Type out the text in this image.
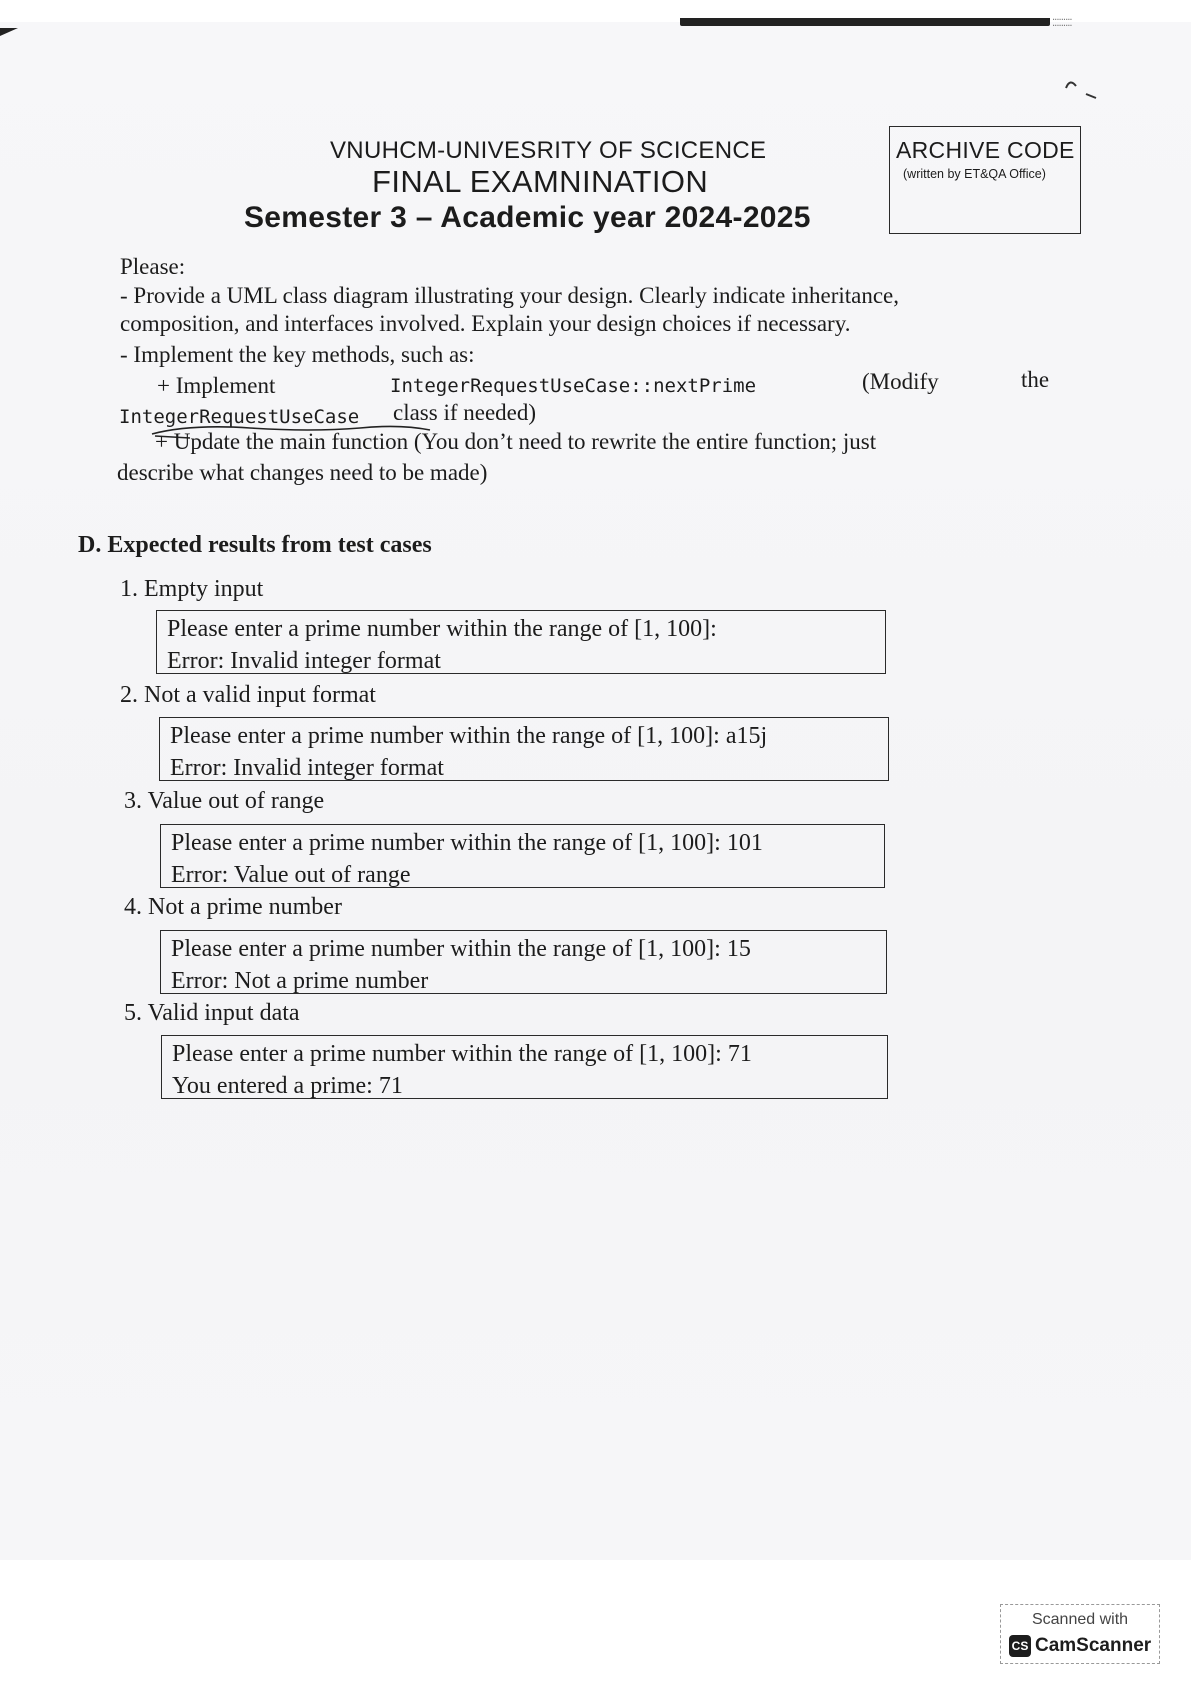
⁚⁚⁚⁚⁚⁚⁚⁚⁚
VNUHCM-UNIVESRITY OF SCICENCE
FINAL EXAMNINATION
Semester 3 – Academic year 2024-2025
ARCHIVE CODE
(written by ET&QA Office)
Please:
- Provide a UML class diagram illustrating your design. Clearly indicate inheritance,
composition, and interfaces involved. Explain your design choices if necessary.
- Implement the key methods, such as:
+ Implement	IntegerRequestUseCase::nextPrime	(Modify	the
IntegerRequestUseCase class if needed)
+ Update the main function (You don’t need to rewrite the entire function; just
describe what changes need to be made)
D. Expected results from test cases
1. Empty input
Please enter a prime number within the range of [1, 100]:
Error: Invalid integer format
2. Not a valid input format
Please enter a prime number within the range of [1, 100]: a15j
Error: Invalid integer format
3. Value out of range
Please enter a prime number within the range of [1, 100]: 101
Error: Value out of range
4. Not a prime number
Please enter a prime number within the range of [1, 100]: 15
Error: Not a prime number
5. Valid input data
Please enter a prime number within the range of [1, 100]: 71
You entered a prime: 71
Scanned with
CS CamScanner
